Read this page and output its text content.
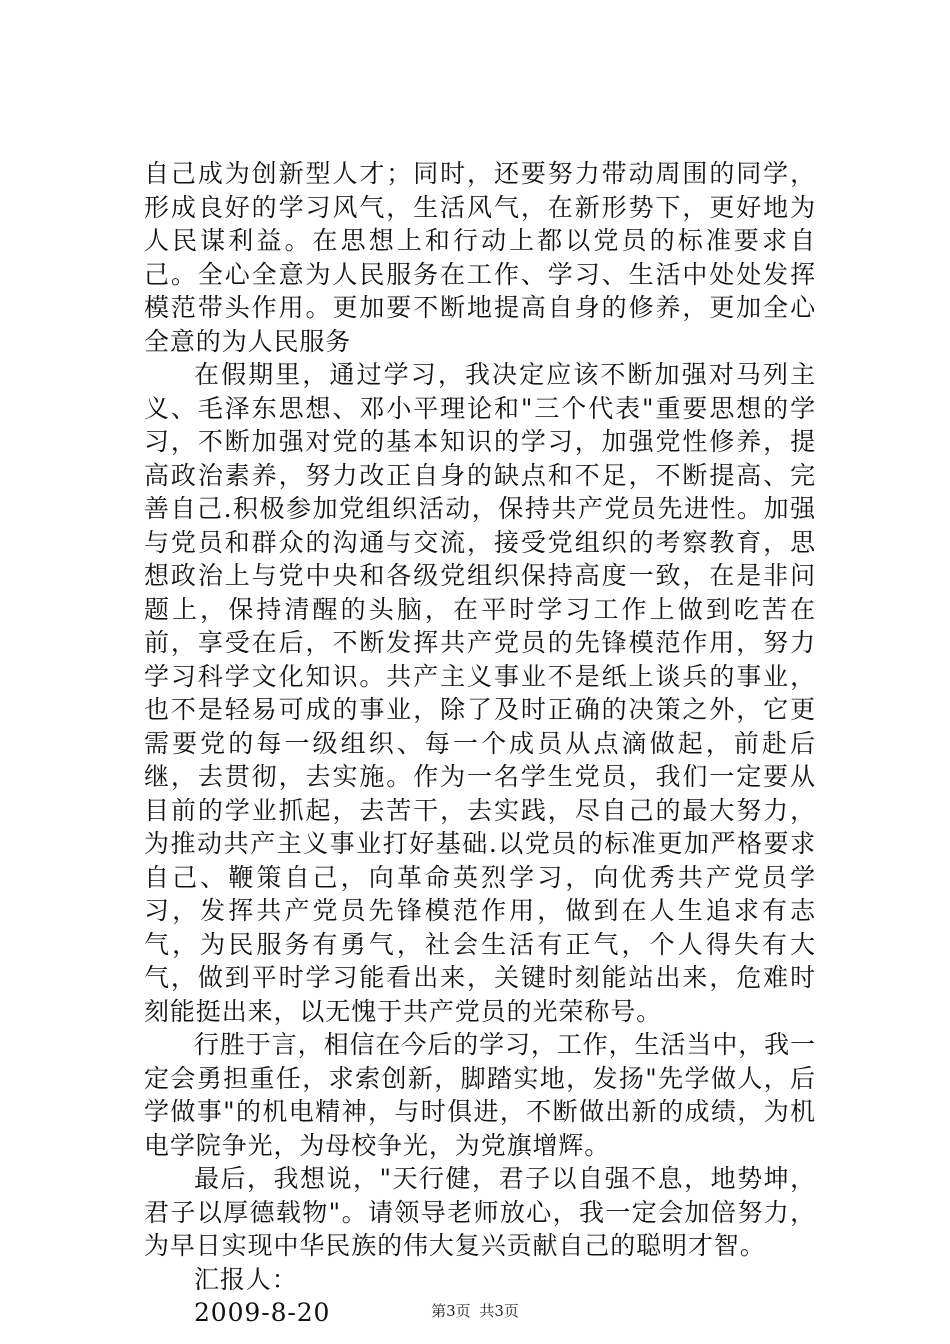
自己成为创新型人才；同时，还要努力带动周围的同学，形成良好的学习风气，生活风气，在新形势下，更好地为人民谋利益。在思想上和行动上都以党员的标准要求自己。全心全意为人民服务在工作、学习、生活中处处发挥模范带头作用。更加要不断地提高自身的修养，更加全心全意的为人民服务

在假期里，通过学习，我决定应该不断加强对马列主义、毛泽东思想、邓小平理论和"三个代表"重要思想的学习，不断加强对党的基本知识的学习，加强党性修养，提高政治素养，努力改正自身的缺点和不足，不断提高、完善自己.积极参加党组织活动，保持共产党员先进性。加强与党员和群众的沟通与交流，接受党组织的考察教育，思想政治上与党中央和各级党组织保持高度一致，在是非问题上，保持清醒的头脑，在平时学习工作上做到吃苦在前，享受在后，不断发挥共产党员的先锋模范作用，努力学习科学文化知识。共产主义事业不是纸上谈兵的事业，也不是轻易可成的事业，除了及时正确的决策之外，它更需要党的每一级组织、每一个成员从点滴做起，前赴后继，去贯彻，去实施。作为一名学生党员，我们一定要从目前的学业抓起，去苦干，去实践，尽自己的最大努力，为推动共产主义事业打好基础.以党员的标准更加严格要求自己、鞭策自己，向革命英烈学习，向优秀共产党员学习，发挥共产党员先锋模范作用，做到在人生追求有志气，为民服务有勇气，社会生活有正气，个人得失有大气，做到平时学习能看出来，关键时刻能站出来，危难时刻能挺出来，以无愧于共产党员的光荣称号。

行胜于言，相信在今后的学习，工作，生活当中，我一定会勇担重任，求索创新，脚踏实地，发扬"先学做人，后学做事"的机电精神，与时俱进，不断做出新的成绩，为机电学院争光，为母校争光，为党旗增辉。

最后，我想说，"天行健，君子以自强不息，地势坤，君子以厚德载物"。请领导老师放心，我一定会加倍努力，为早日实现中华民族的伟大复兴贡献自己的聪明才智。

汇报人：

2009-8-20	第3页 共3页
